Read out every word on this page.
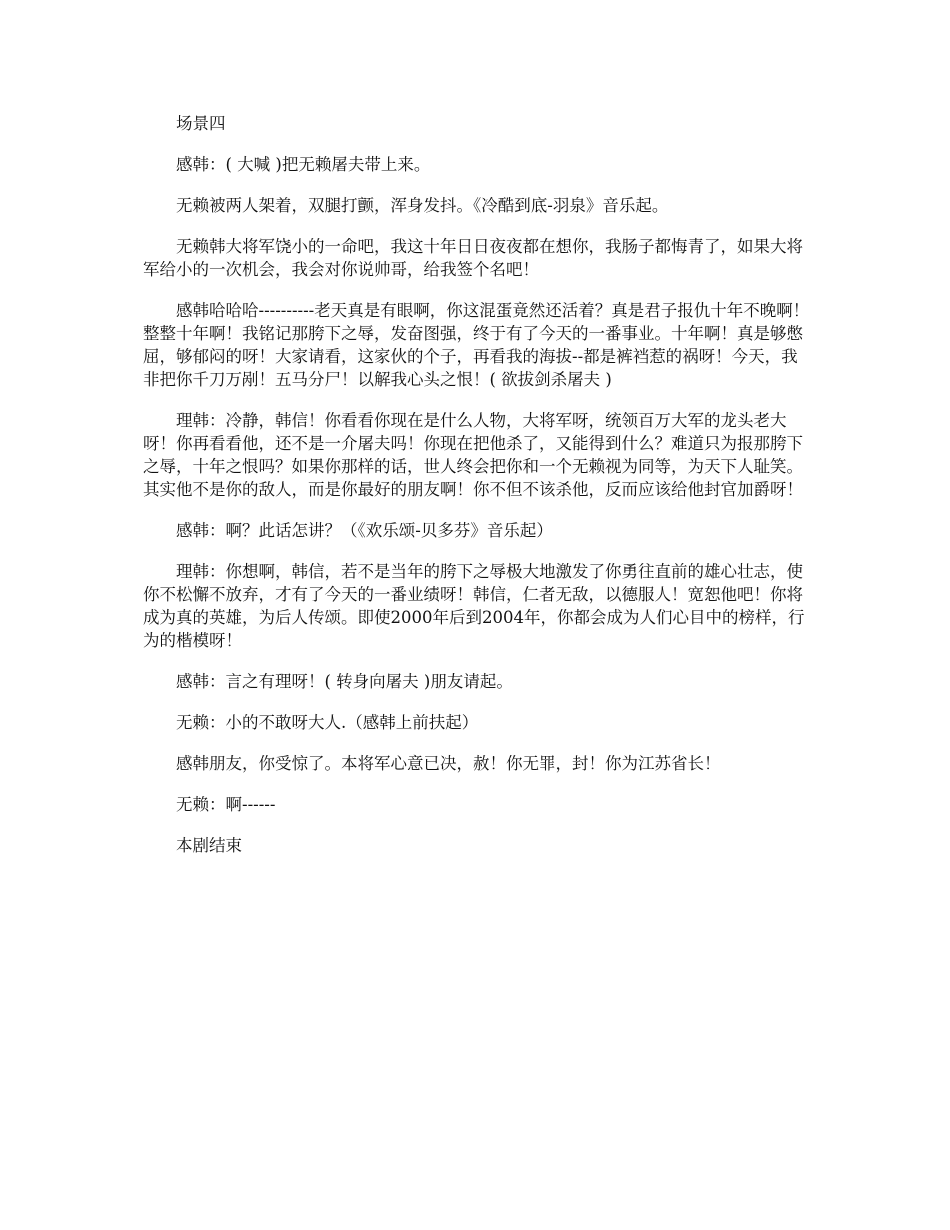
场景四

感韩：( 大喊 )把无赖屠夫带上来。

无赖被两人架着，双腿打颤，浑身发抖。《冷酷到底-羽泉》音乐起。

无赖韩大将军饶小的一命吧，我这十年日日夜夜都在想你，我肠子都悔青了，如果大将军给小的一次机会，我会对你说帅哥，给我签个名吧！

感韩哈哈哈----------老天真是有眼啊，你这混蛋竟然还活着？真是君子报仇十年不晚啊！整整十年啊！我铭记那胯下之辱，发奋图强，终于有了今天的一番事业。十年啊！真是够憋屈，够郁闷的呀！大家请看，这家伙的个子，再看我的海拔--都是裤裆惹的祸呀！今天，我非把你千刀万剐！五马分尸！以解我心头之恨！( 欲拔剑杀屠夫 )

理韩：冷静，韩信！你看看你现在是什么人物，大将军呀，统领百万大军的龙头老大呀！你再看看他，还不是一介屠夫吗！你现在把他杀了，又能得到什么？难道只为报那胯下之辱，十年之恨吗？如果你那样的话，世人终会把你和一个无赖视为同等，为天下人耻笑。其实他不是你的敌人，而是你最好的朋友啊！你不但不该杀他，反而应该给他封官加爵呀！

感韩：啊？此话怎讲？（《欢乐颂-贝多芬》音乐起）

理韩：你想啊，韩信，若不是当年的胯下之辱极大地激发了你勇往直前的雄心壮志，使你不松懈不放弃，才有了今天的一番业绩呀！韩信，仁者无敌，以德服人！宽恕他吧！你将成为真的英雄，为后人传颂。即使2000年后到2004年，你都会成为人们心目中的榜样，行为的楷模呀！

感韩：言之有理呀！( 转身向屠夫 )朋友请起。

无赖：小的不敢呀大人.（感韩上前扶起）

感韩朋友，你受惊了。本将军心意已决，赦！你无罪，封！你为江苏省长！

无赖：啊------

本剧结束
